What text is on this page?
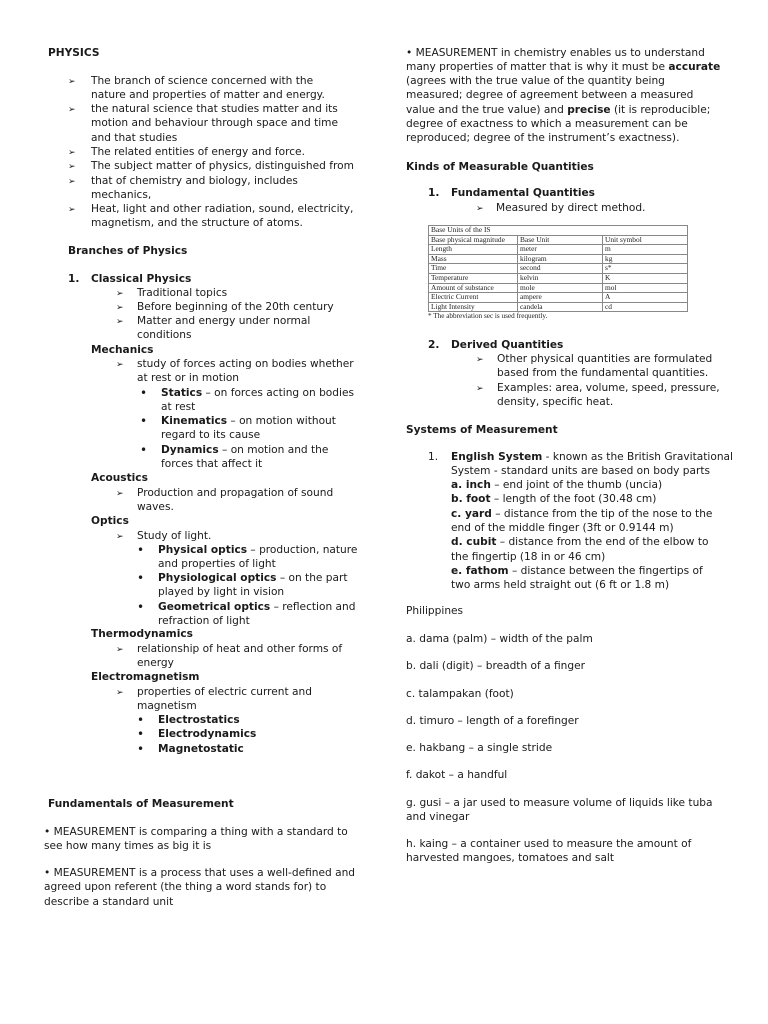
PHYSICS
➢ The branch of science concerned with the
nature and properties of matter and energy.
➢ the natural science that studies matter and its
motion and behaviour through space and time
and that studies
➢ The related entities of energy and force.
➢ The subject matter of physics, distinguished from
➢ that of chemistry and biology, includes
mechanics,
➢ Heat, light and other radiation, sound, electricity,
magnetism, and the structure of atoms.
Branches of Physics
1. Classical Physics
➢ Traditional topics
➢ Before beginning of the 20th century
➢ Matter and energy under normal
conditions
Mechanics
➢ study of forces acting on bodies whether
at rest or in motion
• Statics – on forces acting on bodies
at rest
• Kinematics – on motion without
regard to its cause
• Dynamics – on motion and the
forces that affect it
Acoustics
➢ Production and propagation of sound
waves.
Optics
➢ Study of light.
• Physical optics – production, nature
and properties of light
• Physiological optics – on the part
played by light in vision
• Geometrical optics – reflection and
refraction of light
Thermodynamics
➢ relationship of heat and other forms of
energy
Electromagnetism
➢ properties of electric current and
magnetism
• Electrostatics
• Electrodynamics
• Magnetostatic
Fundamentals of Measurement
• MEASUREMENT is comparing a thing with a standard to
see how many times as big it is
• MEASUREMENT is a process that uses a well-defined and
agreed upon referent (the thing a word stands for) to
describe a standard unit
• MEASUREMENT in chemistry enables us to understand
many properties of matter that is why it must be accurate
(agrees with the true value of the quantity being
measured; degree of agreement between a measured
value and the true value) and precise (it is reproducible;
degree of exactness to which a measurement can be
reproduced; degree of the instrument’s exactness).
Kinds of Measurable Quantities
1. Fundamental Quantities
➢ Measured by direct method.
Base Units of the IS		
Base physical magnitude	Base Unit	Unit symbol
Length	meter	m
Mass	kilogram	kg
Time	second	s*
Temperature	kelvin	K
Amount of substance	mole	mol
Electric Current	ampere	A
Light Intensity	candela	cd
* The abbreviation sec is used frequently.
2. Derived Quantities
➢ Other physical quantities are formulated
based from the fundamental quantities.
➢ Examples: area, volume, speed, pressure,
density, specific heat.
Systems of Measurement
1. English System - known as the British Gravitational
System - standard units are based on body parts
a. inch – end joint of the thumb (uncia)
b. foot – length of the foot (30.48 cm)
c. yard – distance from the tip of the nose to the
end of the middle finger (3ft or 0.9144 m)
d. cubit – distance from the end of the elbow to
the fingertip (18 in or 46 cm)
e. fathom – distance between the fingertips of
two arms held straight out (6 ft or 1.8 m)
Philippines
a. dama (palm) – width of the palm
b. dali (digit) – breadth of a finger
c. talampakan (foot)
d. timuro – length of a forefinger
e. hakbang – a single stride
f. dakot – a handful
g. gusi – a jar used to measure volume of liquids like tuba
and vinegar
h. kaing – a container used to measure the amount of
harvested mangoes, tomatoes and salt
